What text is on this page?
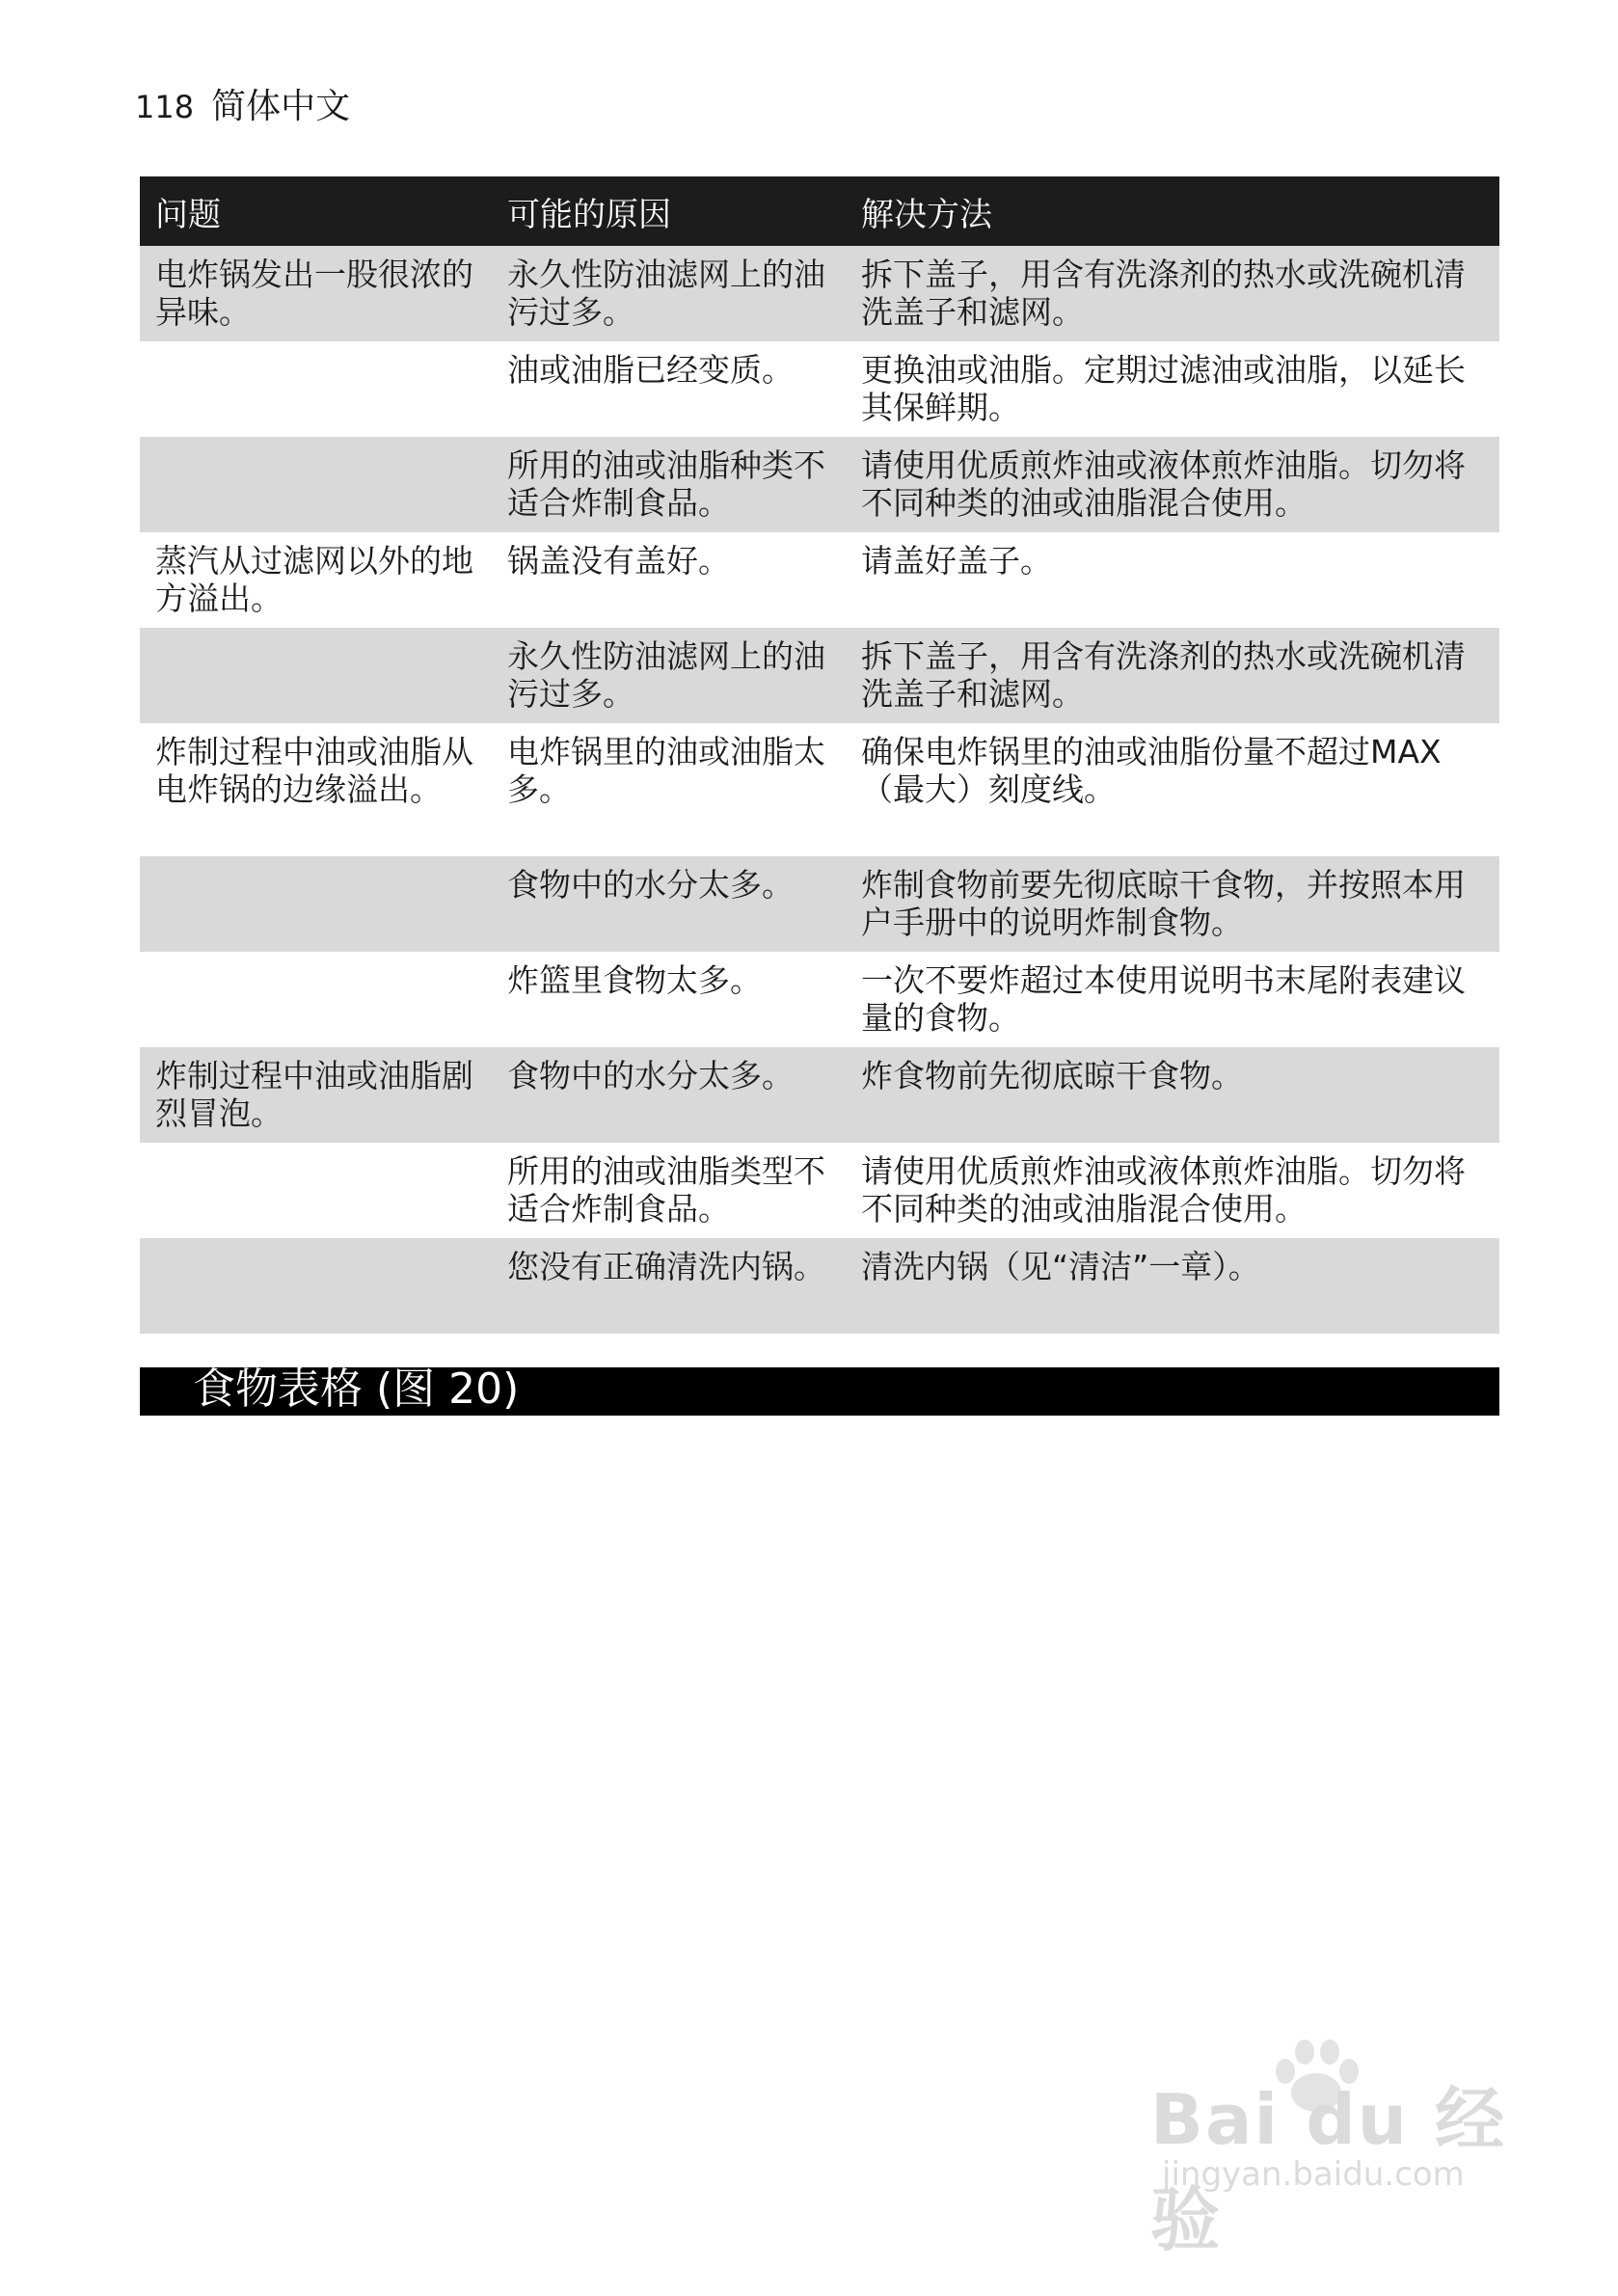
118 简体中文
问题	可能的原因	解决方法
电炸锅发出一股很浓的异味。	永久性防油滤网上的油污过多。	拆下盖子，用含有洗涤剂的热水或洗碗机清洗盖子和滤网。
	油或油脂已经变质。	更换油或油脂。定期过滤油或油脂，以延长其保鲜期。
	所用的油或油脂种类不适合炸制食品。	请使用优质煎炸油或液体煎炸油脂。切勿将不同种类的油或油脂混合使用。
蒸汽从过滤网以外的地方溢出。	锅盖没有盖好。	请盖好盖子。
	永久性防油滤网上的油污过多。	拆下盖子，用含有洗涤剂的热水或洗碗机清洗盖子和滤网。
炸制过程中油或油脂从电炸锅的边缘溢出。	电炸锅里的油或油脂太多。	确保电炸锅里的油或油脂份量不超过MAX（最大）刻度线。
	食物中的水分太多。	炸制食物前要先彻底晾干食物，并按照本用户手册中的说明炸制食物。
	炸篮里食物太多。	一次不要炸超过本使用说明书末尾附表建议量的食物。
炸制过程中油或油脂剧烈冒泡。	食物中的水分太多。	炸食物前先彻底晾干食物。
	所用的油或油脂类型不适合炸制食品。	请使用优质煎炸油或液体煎炸油脂。切勿将不同种类的油或油脂混合使用。
	您没有正确清洗内锅。	清洗内锅（见“清洁”一章）。
食物表格 (图 20)
Bai du 经验
jingyan.baidu.com
